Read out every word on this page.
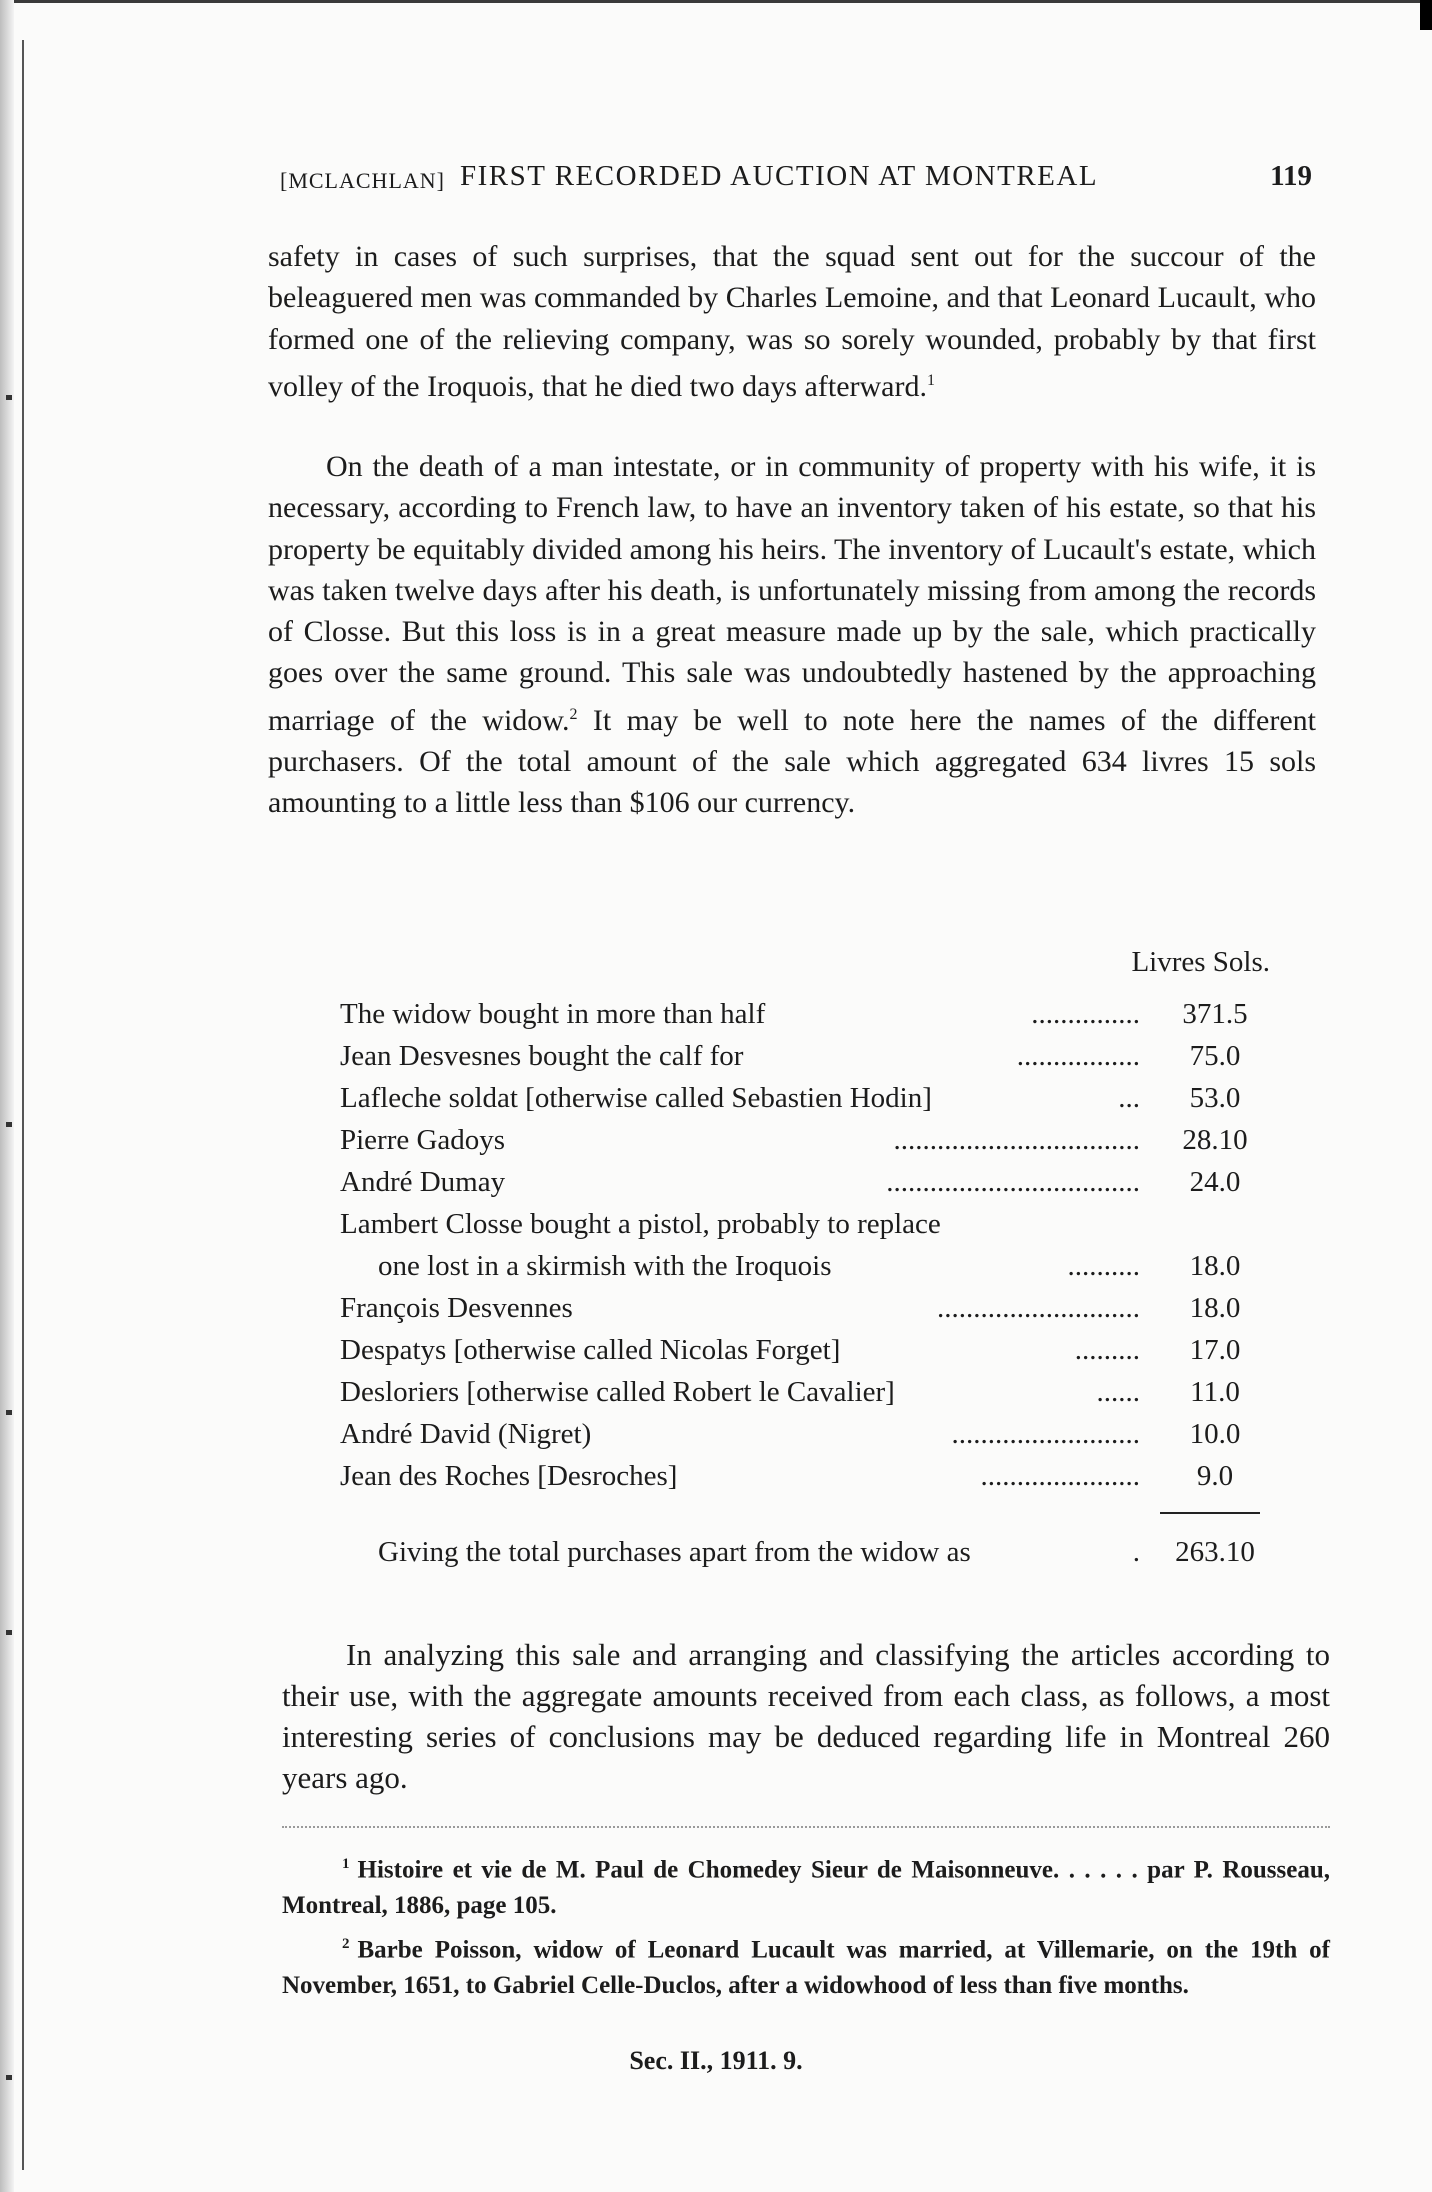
[MCLACHLAN] FIRST RECORDED AUCTION AT MONTREAL	119

safety in cases of such surprises, that the squad sent out for the succour of the beleaguered men was commanded by Charles Lemoine, and that Leonard Lucault, who formed one of the relieving company, was so sorely wounded, probably by that first volley of the Iroquois, that he died two days afterward.$^1$

On the death of a man intestate, or in community of property with his wife, it is necessary, according to French law, to have an inventory taken of his estate, so that his property be equitably divided among his heirs. The inventory of Lucault's estate, which was taken twelve days after his death, is unfortunately missing from among the records of Closse. But this loss is in a great measure made up by the sale, which practically goes over the same ground. This sale was undoubtedly hastened by the approaching marriage of the widow.$^2$ It may be well to note here the names of the different purchasers. Of the total amount of the sale which aggregated 634 livres 15 sols amounting to a little less than $106 our currency.

Livres Sols.
The widow bought in more than half	...............	371.5
Jean Desvesnes bought the calf for	.................	75.0
Lafleche soldat [otherwise called Sebastien Hodin]	...	53.0
Pierre Gadoys	..................................	28.10
André Dumay	...................................	24.0
Lambert Closse bought a pistol, probably to replace
one lost in a skirmish with the Iroquois	..........	18.0
François Desvennes	............................	18.0
Despatys [otherwise called Nicolas Forget]	.........	17.0
Desloriers [otherwise called Robert le Cavalier]	......	11.0
André David (Nigret)	..........................	10.0
Jean des Roches [Desroches]	......................	9.0
Giving the total purchases apart from the widow as	. 263.10

In analyzing this sale and arranging and classifying the articles according to their use, with the aggregate amounts received from each class, as follows, a most interesting series of conclusions may be deduced regarding life in Montreal 260 years ago.

$^1$ Histoire et vie de M. Paul de Chomedey Sieur de Maisonneuve. . . . . . par P. Rousseau, Montreal, 1886, page 105.

$^2$ Barbe Poisson, widow of Leonard Lucault was married, at Villemarie, on the 19th of November, 1651, to Gabriel Celle-Duclos, after a widowhood of less than five months.

Sec. II., 1911. 9.
